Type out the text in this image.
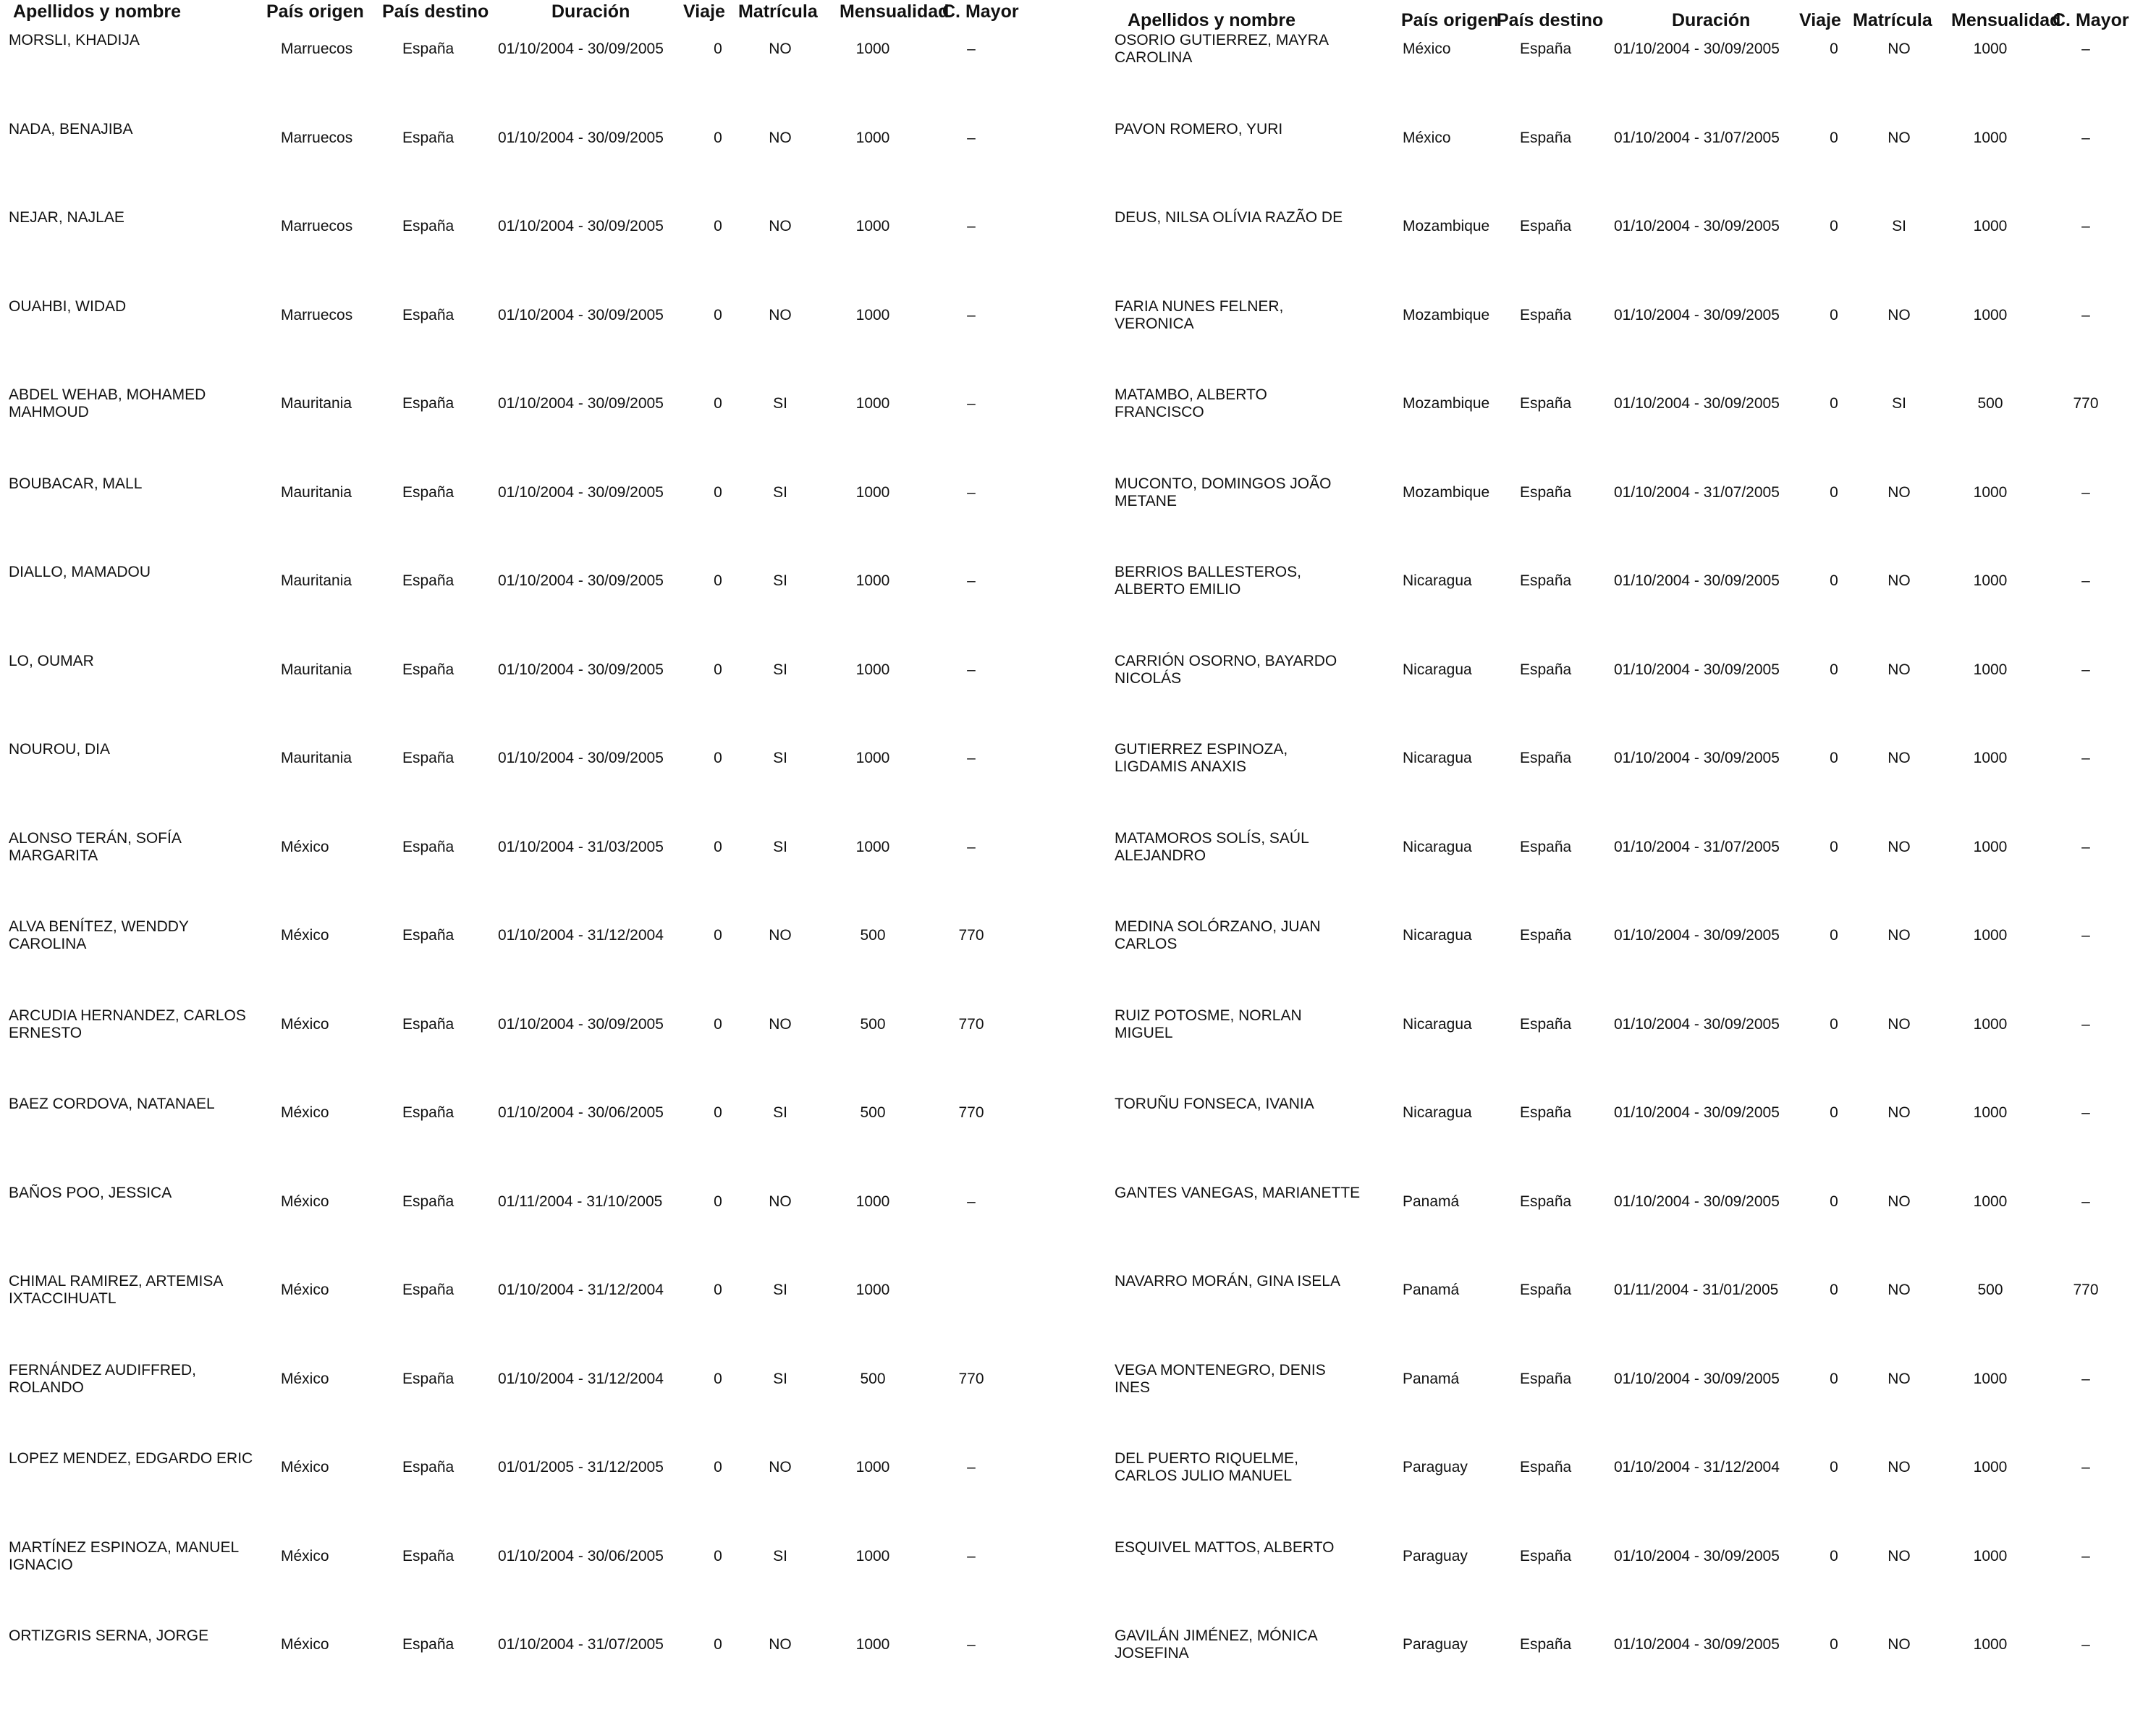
Apellidos y nombre	País origen País destino	Duración	Viaje Matrícula Mensualidad
C. Mayor
MORSLI, KHADIJA
Marruecos	España	01/10/2004 - 30/09/2005	0	NO	1000	–
NADA, BENAJIBA
Marruecos	España	01/10/2004 - 30/09/2005	0	NO	1000	–
NEJAR, NAJLAE
Marruecos	España	01/10/2004 - 30/09/2005	0	NO	1000	–
OUAHBI, WIDAD
Marruecos	España	01/10/2004 - 30/09/2005	0	NO	1000	–
ABDEL WEHAB, MOHAMED MAHMOUD
Mauritania	España	01/10/2004 - 30/09/2005	0	SI	1000	–
BOUBACAR, MALL
Mauritania	España	01/10/2004 - 30/09/2005	0	SI	1000	–
DIALLO, MAMADOU
Mauritania	España	01/10/2004 - 30/09/2005	0	SI	1000	–
LO, OUMAR
Mauritania	España	01/10/2004 - 30/09/2005	0	SI	1000	–
NOUROU, DIA
Mauritania	España	01/10/2004 - 30/09/2005	0	SI	1000	–
ALONSO TERÁN, SOFÍA MARGARITA
México	España	01/10/2004 - 31/03/2005	0	SI	1000	–
ALVA BENÍTEZ, WENDDY CAROLINA
México	España	01/10/2004 - 31/12/2004	0	NO	500	770
ARCUDIA HERNANDEZ, CARLOS ERNESTO
México	España	01/10/2004 - 30/09/2005	0	NO	500	770
BAEZ CORDOVA, NATANAEL
México	España	01/10/2004 - 30/06/2005	0	SI	500	770
BAÑOS POO, JESSICA
México	España	01/11/2004 - 31/10/2005	0	NO	1000	–
CHIMAL RAMIREZ, ARTEMISA IXTACCIHUATL
México	España	01/10/2004 - 31/12/2004	0	SI	1000
FERNÁNDEZ AUDIFFRED, ROLANDO
México	España	01/10/2004 - 31/12/2004	0	SI	500	770
LOPEZ MENDEZ, EDGARDO ERIC
México	España	01/01/2005 - 31/12/2005	0	NO	1000	–
MARTÍNEZ ESPINOZA, MANUEL IGNACIO
México	España	01/10/2004 - 30/06/2005	0	SI	1000	–
ORTIZGRIS SERNA, JORGE
México	España	01/10/2004 - 31/07/2005	0	NO	1000	–
Apellidos y nombre	País origen
País destino	Duración	Viaje Matrícula Mensualidad
C. Mayor
OSORIO GUTIERREZ, MAYRA CAROLINA
México	España	01/10/2004 - 30/09/2005	0	NO	1000	–
PAVON ROMERO, YURI
México	España	01/10/2004 - 31/07/2005	0	NO	1000	–
DEUS, NILSA OLÍVIA RAZÃO DE
Mozambique España	01/10/2004 - 30/09/2005	0	SI	1000	–
FARIA NUNES FELNER, VERONICA
Mozambique España	01/10/2004 - 30/09/2005	0	NO	1000	–
MATAMBO, ALBERTO FRANCISCO
Mozambique España	01/10/2004 - 30/09/2005	0	SI	500	770
MUCONTO, DOMINGOS JOÃO METANE
Mozambique España	01/10/2004 - 31/07/2005	0	NO	1000	–
BERRIOS BALLESTEROS, ALBERTO EMILIO
Nicaragua	España	01/10/2004 - 30/09/2005	0	NO	1000	–
CARRIÓN OSORNO, BAYARDO NICOLÁS
Nicaragua	España	01/10/2004 - 30/09/2005	0	NO	1000	–
GUTIERREZ ESPINOZA, LIGDAMIS ANAXIS
Nicaragua	España	01/10/2004 - 30/09/2005	0	NO	1000	–
MATAMOROS SOLÍS, SAÚL ALEJANDRO
Nicaragua	España	01/10/2004 - 31/07/2005	0	NO	1000	–
MEDINA SOLÓRZANO, JUAN CARLOS
Nicaragua	España	01/10/2004 - 30/09/2005	0	NO	1000	–
RUIZ POTOSME, NORLAN MIGUEL
Nicaragua	España	01/10/2004 - 30/09/2005	0	NO	1000	–
TORUÑU FONSECA, IVANIA
Nicaragua	España	01/10/2004 - 30/09/2005	0	NO	1000	–
GANTES VANEGAS, MARIANETTE
Panamá	España	01/10/2004 - 30/09/2005	0	NO	1000	–
NAVARRO MORÁN, GINA ISELA
Panamá	España	01/11/2004 - 31/01/2005	0	NO	500	770
VEGA MONTENEGRO, DENIS INES
Panamá	España	01/10/2004 - 30/09/2005	0	NO	1000	–
DEL PUERTO RIQUELME, CARLOS JULIO MANUEL
Paraguay	España	01/10/2004 - 31/12/2004	0	NO	1000	–
ESQUIVEL MATTOS, ALBERTO
Paraguay	España	01/10/2004 - 30/09/2005	0	NO	1000	–
GAVILÁN JIMÉNEZ, MÓNICA JOSEFINA
Paraguay	España	01/10/2004 - 30/09/2005	0	NO	1000	–
